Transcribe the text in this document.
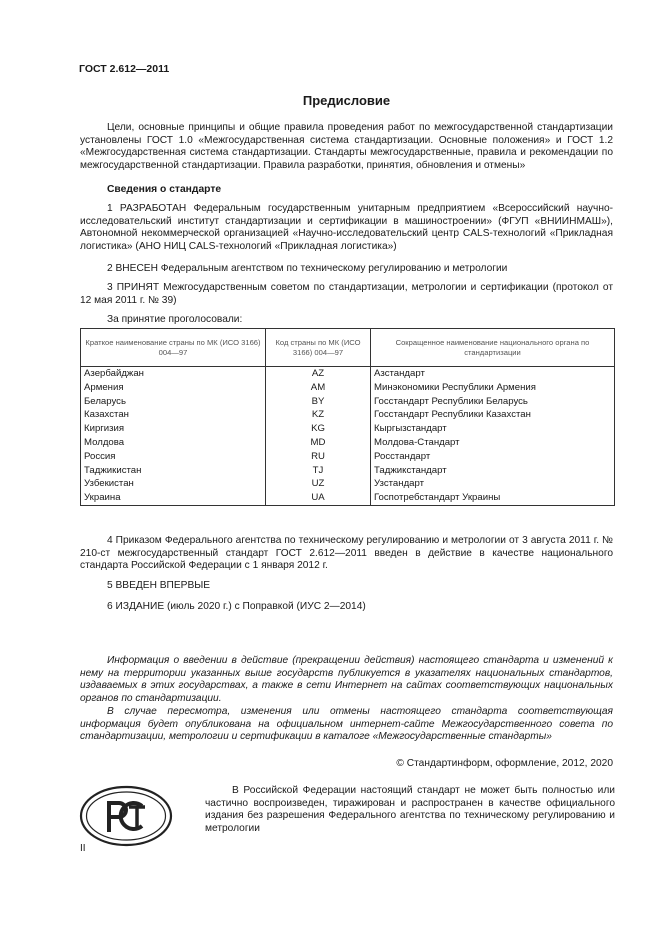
ГОСТ 2.612—2011
Предисловие
Цели, основные принципы и общие правила проведения работ по межгосударственной стандартизации установлены ГОСТ 1.0 «Межгосударственная система стандартизации. Основные положения» и ГОСТ 1.2 «Межгосударственная система стандартизации. Стандарты межгосударственные, правила и рекомендации по межгосударственной стандартизации. Правила разработки, принятия, обновления и отмены»
Сведения о стандарте
1 РАЗРАБОТАН Федеральным государственным унитарным предприятием «Всероссийский научно-исследовательский институт стандартизации и сертификации в машиностроении» (ФГУП «ВНИИНМАШ»), Автономной некоммерческой организацией «Научно-исследовательский центр CALS-технологий «Прикладная логистика» (АНО НИЦ CALS-технологий «Прикладная логистика»)
2 ВНЕСЕН Федеральным агентством по техническому регулированию и метрологии
3 ПРИНЯТ Межгосударственным советом по стандартизации, метрологии и сертификации (протокол от 12 мая 2011 г. № 39)
За принятие проголосовали:
Краткое наименование страны по МК (ИСО 3166) 004—97	Код страны по МК (ИСО 3166) 004—97	Сокращенное наименование национального органа по стандартизации
Азербайджан	AZ	Азстандарт
Армения	AM	Минэкономики Республики Армения
Беларусь	BY	Госстандарт Республики Беларусь
Казахстан	KZ	Госстандарт Республики Казахстан
Киргизия	KG	Кыргызстандарт
Молдова	MD	Молдова-Стандарт
Россия	RU	Росстандарт
Таджикистан	TJ	Таджикстандарт
Узбекистан	UZ	Узстандарт
Украина	UA	Госпотребстандарт Украины
4 Приказом Федерального агентства по техническому регулированию и метрологии от 3 августа 2011 г. № 210-ст межгосударственный стандарт ГОСТ 2.612—2011 введен в действие в качестве национального стандарта Российской Федерации с 1 января 2012 г.
5 ВВЕДЕН ВПЕРВЫЕ
6 ИЗДАНИЕ (июль 2020 г.) с Поправкой (ИУС 2—2014)
Информация о введении в действие (прекращении действия) настоящего стандарта и изменений к нему на территории указанных выше государств публикуется в указателях национальных стандартов, издаваемых в этих государствах, а также в сети Интернет на сайтах соответствующих национальных органов по стандартизации.
В случае пересмотра, изменения или отмены настоящего стандарта соответствующая информация будет опубликована на официальном интернет-сайте Межгосударственного совета по стандартизации, метрологии и сертификации в каталоге «Межгосударственные стандарты»
© Стандартинформ, оформление, 2012, 2020
В Российской Федерации настоящий стандарт не может быть полностью или частично воспроизведен, тиражирован и распространен в качестве официального издания без разрешения Федерального агентства по техническому регулированию и метрологии
II
